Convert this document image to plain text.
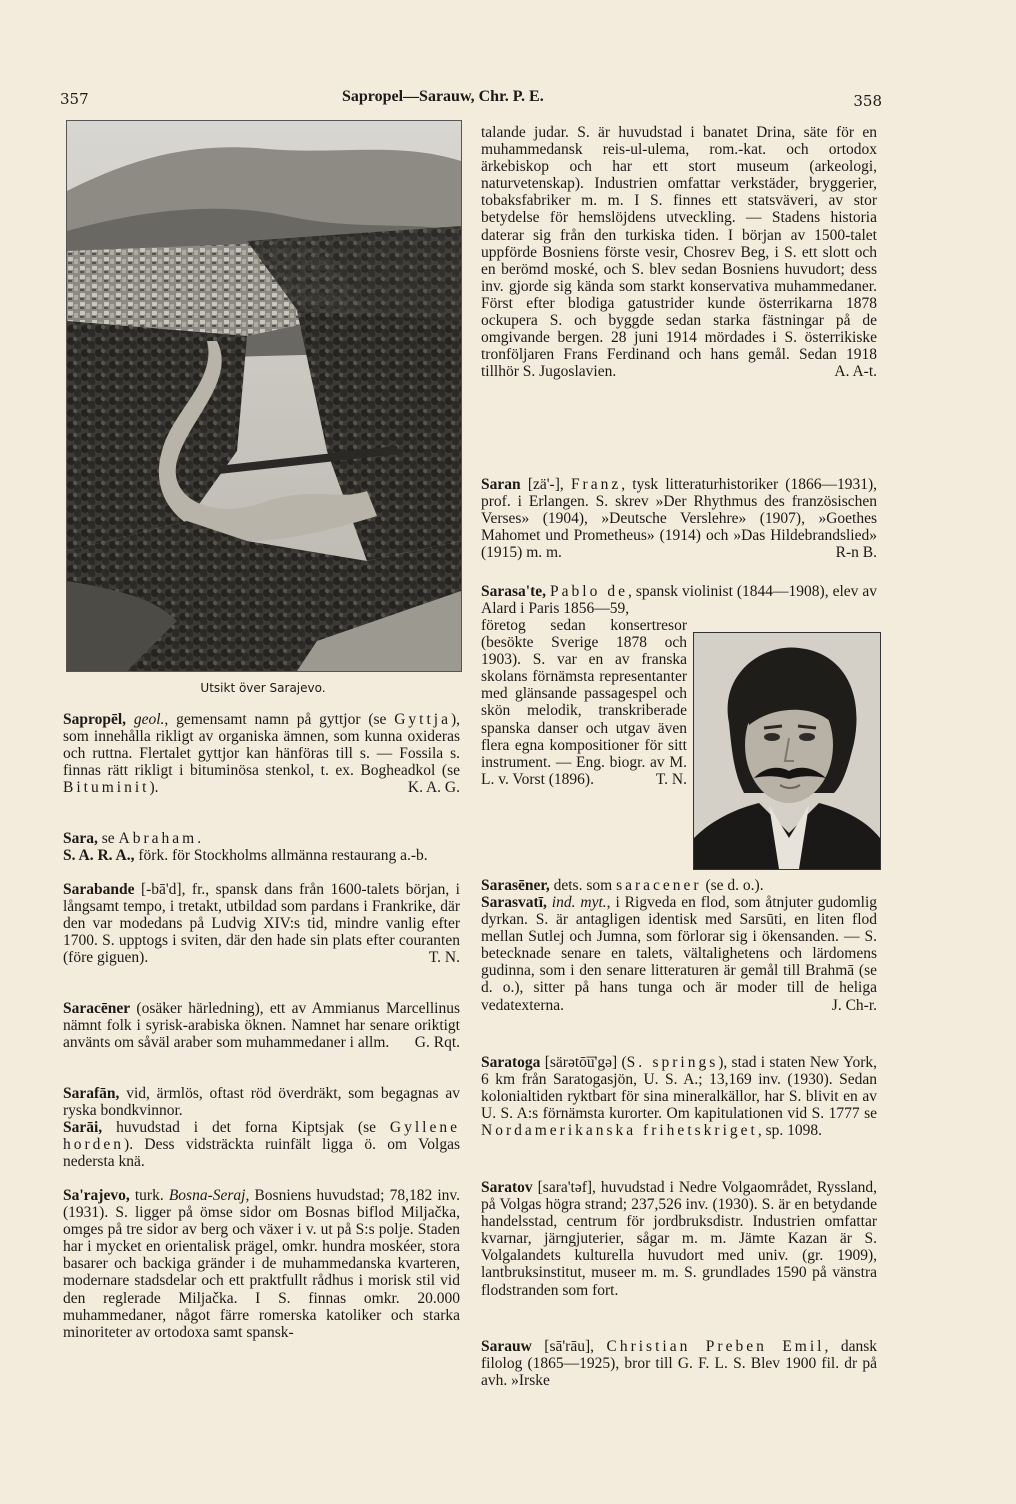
357	Sapropel—Sarauw, Chr. P. E.	358
Utsikt över Sarajevo.

Sapropēl, geol., gemensamt namn på gyttjor (se Gyttja), som innehålla rikligt av organiska ämnen, som kunna oxideras och ruttna. Flertalet gyttjor kan hänföras till s. — Fossila s. finnas rätt rikligt i bituminösa stenkol, t. ex. Bogheadkol (se Bituminit).	K. A. G.

Sara, se Abraham.

S. A. R. A., förk. för Stockholms allmänna restaurang a.-b.

Sarabande [-bā'd], fr., spansk dans från 1600-talets början, i långsamt tempo, i tretakt, utbildad som pardans i Frankrike, där den var modedans på Ludvig XIV:s tid, mindre vanlig efter 1700. S. upptogs i sviten, där den hade sin plats efter couranten (före giguen).	T. N.

Saracēner (osäker härledning), ett av Ammianus Marcellinus nämnt folk i syrisk-arabiska öknen. Namnet har senare oriktigt använts om såväl araber som muhammedaner i allm. G. Rqt.

Sarafān, vid, ärmlös, oftast röd överdräkt, som begagnas av ryska bondkvinnor.

Sarāi, huvudstad i det forna Kiptsjak (se Gyllene horden). Dess vidsträckta ruinfält ligga ö. om Volgas nedersta knä.

Sa'rajevo, turk. Bosna-Seraj, Bosniens huvudstad; 78,182 inv. (1931). S. ligger på ömse sidor om Bosnas biflod Miljačka, omges på tre sidor av berg och växer i v. ut på S:s polje. Staden har i mycket en orientalisk prägel, omkr. hundra moskéer, stora basarer och backiga gränder i de muhammedanska kvarteren, modernare stadsdelar och ett praktfullt rådhus i morisk stil vid den reglerade Miljačka. I S. finnas omkr. 20.000 muhammedaner, något färre romerska katoliker och starka minoriteter av ortodoxa samt spansk-

talande judar. S. är huvudstad i banatet Drina, säte för en muhammedansk reis-ul-ulema, rom.-kat. och ortodox ärkebiskop och har ett stort museum (arkeologi, naturvetenskap). Industrien omfattar verkstäder, bryggerier, tobaksfabriker m. m. I S. finnes ett statsväveri, av stor betydelse för hemslöjdens utveckling. — Stadens historia daterar sig från den turkiska tiden. I början av 1500-talet uppförde Bosniens förste vesir, Chosrev Beg, i S. ett slott och en berömd moské, och S. blev sedan Bosniens huvudort; dess inv. gjorde sig kända som starkt konservativa muhammedaner. Först efter blodiga gatustrider kunde österrikarna 1878 ockupera S. och byggde sedan starka fästningar på de omgivande bergen. 28 juni 1914 mördades i S. österrikiske tronföljaren Frans Ferdinand och hans gemål. Sedan 1918 tillhör S. Jugoslavien.	A. A-t.

Saran [zä'-], Franz, tysk litteraturhistoriker (1866—1931), prof. i Erlangen. S. skrev »Der Rhythmus des französischen Verses» (1904), »Deutsche Verslehre» (1907), »Goethes Mahomet und Prometheus» (1914) och »Das Hildebrandslied» (1915) m. m.	R-n B.

Sarasa'te, Pablo de, spansk violinist (1844—1908), elev av Alard i Paris 1856—59,

företog sedan konsertresor (besökte Sverige 1878 och 1903). S. var en av franska skolans förnämsta representanter med glänsande passagespel och skön melodik, transkriberade spanska danser och utgav även flera egna kompositioner för sitt instrument. — Eng. biogr. av M. L. v. Vorst (1896).	T. N.

Sarasēner, dets. som saracener (se d. o.).

Sarasvatī, ind. myt., i Rigveda en flod, som åtnjuter gudomlig dyrkan. S. är antagligen identisk med Sarsūti, en liten flod mellan Sutlej och Jumna, som förlorar sig i ökensanden. — S. betecknade senare en talets, vältalighetens och lärdomens gudinna, som i den senare litteraturen är gemål till Brahmā (se d. o.), sitter på hans tunga och är moder till de heliga vedatexterna.	J. Ch-r.

Saratoga [särətō͞u'gə] (S. springs), stad i staten New York, 6 km från Saratogasjön, U. S. A.; 13,169 inv. (1930). Sedan kolonialtiden ryktbart för sina mineralkällor, har S. blivit en av U. S. A:s förnämsta kurorter. Om kapitulationen vid S. 1777 se Nordamerikanska frihetskriget, sp. 1098.

Saratov [sara'təf], huvudstad i Nedre Volgaområdet, Ryssland, på Volgas högra strand; 237,526 inv. (1930). S. är en betydande handelsstad, centrum för jordbruksdistr. Industrien omfattar kvarnar, järngjuterier, sågar m. m. Jämte Kazan är S. Volgalandets kulturella huvudort med univ. (gr. 1909), lantbruksinstitut, museer m. m. S. grundlades 1590 på vänstra flodstranden som fort.

Sarauw [sā'rāu], Christian Preben Emil, dansk filolog (1865—1925), bror till G. F. L. S. Blev 1900 fil. dr på avh. »Irske
